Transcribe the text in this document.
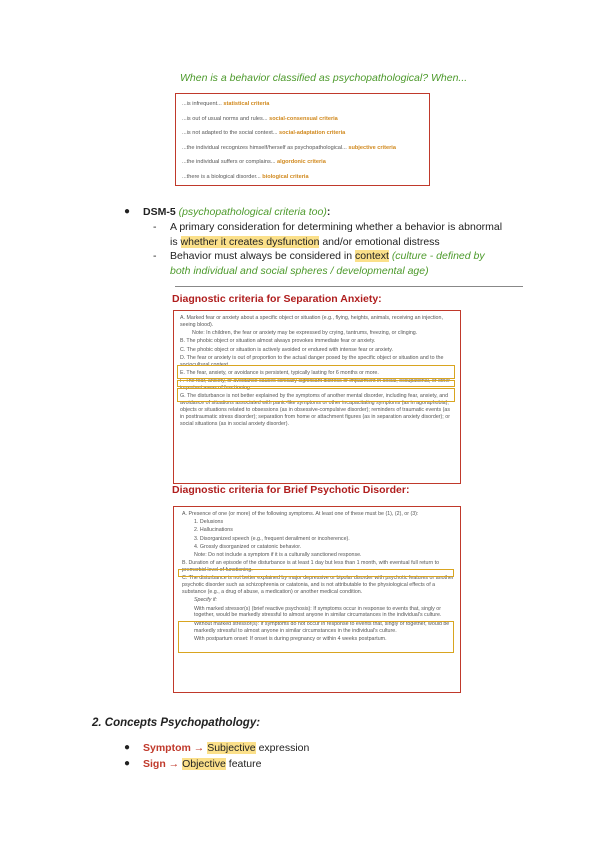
When is a behavior classified as psychopathological? When...
...is infrequent... statistical criteria
...is out of usual norms and rules... social-consensual criteria
...is not adapted to the social context... social-adaptation criteria
...the individual recognizes himself/herself as psychopathological... subjective criteria
...the individual suffers or complains... algordonic criteria
...there is a biological disorder... biological criteria
● DSM-5 (psychopathological criteria too):
- A primary consideration for determining whether a behavior is abnormal
is whether it creates dysfunction and/or emotional distress
- Behavior must always be considered in context (culture - defined by
both individual and social spheres / developmental age)
Diagnostic criteria for Separation Anxiety:

A. Marked fear or anxiety about a specific object or situation (e.g., flying, heights, animals, receiving an injection, seeing blood).

Note: In children, the fear or anxiety may be expressed by crying, tantrums, freezing, or clinging.

B. The phobic object or situation almost always provokes immediate fear or anxiety.

C. The phobic object or situation is actively avoided or endured with intense fear or anxiety.

D. The fear or anxiety is out of proportion to the actual danger posed by the specific object or situation and to the sociocultural context.

E. The fear, anxiety, or avoidance is persistent, typically lasting for 6 months or more.

F. The fear, anxiety, or avoidance causes clinically significant distress or impairment in social, occupational, or other important areas of functioning.

G. The disturbance is not better explained by the symptoms of another mental disorder, including fear, anxiety, and avoidance of situations associated with panic-like symptoms or other incapacitating symptoms (as in agoraphobia); objects or situations related to obsessions (as in obsessive-compulsive disorder); reminders of traumatic events (as in posttraumatic stress disorder); separation from home or attachment figures (as in separation anxiety disorder); or social situations (as in social anxiety disorder).

Diagnostic criteria for Brief Psychotic Disorder:

A. Presence of one (or more) of the following symptoms. At least one of these must be (1), (2), or (3):

1. Delusions

2. Hallucinations

3. Disorganized speech (e.g., frequent derailment or incoherence).

4. Grossly disorganized or catatonic behavior.

Note: Do not include a symptom if it is a culturally sanctioned response.

B. Duration of an episode of the disturbance is at least 1 day but less than 1 month, with eventual full return to premorbid level of functioning.

C. The disturbance is not better explained by major depressive or bipolar disorder with psychotic features or another psychotic disorder such as schizophrenia or catatonia, and is not attributable to the physiological effects of a substance (e.g., a drug of abuse, a medication) or another medical condition.

Specify if:

With marked stressor(s) (brief reactive psychosis): If symptoms occur in response to events that, singly or together, would be markedly stressful to almost anyone in similar circumstances in the individual's culture.

Without marked stressor(s): If symptoms do not occur in response to events that, singly or together, would be markedly stressful to almost anyone in similar circumstances in the individual's culture.

With postpartum onset: If onset is during pregnancy or within 4 weeks postpartum.

2. Concepts Psychopathology:
● Symptom → Subjective expression
● Sign → Objective feature
